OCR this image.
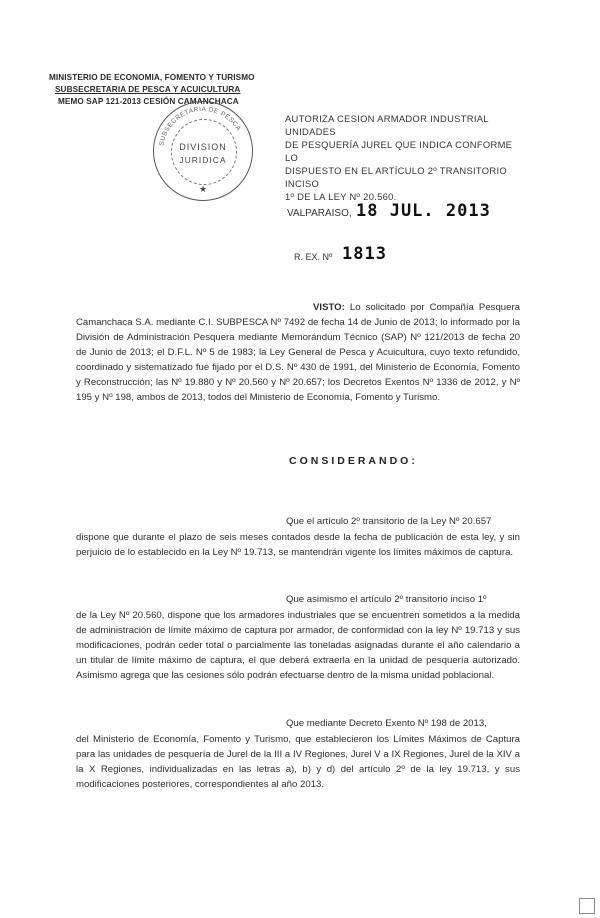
MINISTERIO DE ECONOMIA, FOMENTO Y TURISMO
SUBSECRETARIA DE PESCA Y ACUICULTURA
MEMO SAP 121-2013 CESIÓN CAMANCHACA
SUBSECRETARIA DE PESCA
DIVISION
JURIDICA
★
AUTORIZA CESION ARMADOR INDUSTRIAL UNIDADES
DE PESQUERÍA JUREL QUE INDICA CONFORME LO
DISPUESTO EN EL ARTÍCULO 2º TRANSITORIO INCISO
1º DE LA LEY Nº 20.560.
VALPARAISO, 18 JUL. 2013
R. EX. Nº 1813
VISTO: Lo solicitado por Compañía Pesquera Camanchaca S.A. mediante C.I. SUBPESCA Nº 7492 de fecha 14 de Junio de 2013; lo informado por la División de Administración Pesquera mediante Memorándum Técnico (SAP) Nº 121/2013 de fecha 20 de Junio de 2013; el D.F.L. Nº 5 de 1983; la Ley General de Pesca y Acuicultura, cuyo texto refundido, coordinado y sistematizado fue fijado por el D.S. Nº 430 de 1991, del Ministerio de Economía, Fomento y Reconstrucción; las Nº 19.880 y Nº 20.560 y Nº 20.657; los Decretos Exentos Nº 1336 de 2012, y Nº 195 y Nº 198, ambos de 2013, todos del Ministerio de Economía, Fomento y Turismo.
CONSIDERANDO:
Que el artículo 2º transitorio de la Ley Nº 20.657
dispone que durante el plazo de seis meses contados desde la fecha de publicación de esta ley, y sin perjuicio de lo establecido en la Ley Nº 19.713, se mantendrán vigente los límites máximos de captura.
Que asimismo el artículo 2º transitorio inciso 1º
de la Ley Nº 20.560, dispone que los armadores industriales que se encuentren sometidos a la medida de administración de límite máximo de captura por armador, de conformidad con la ley Nº 19.713 y sus modificaciones, podrán ceder total o parcialmente las toneladas asignadas durante el año calendario a un titular de límite máximo de captura, el que deberá extraerla en la unidad de pesquería autorizado. Asimismo agrega que las cesiones sólo podrán efectuarse dentro de la misma unidad poblacional.
Que mediante Decreto Exento Nº 198 de 2013,
del Ministerio de Economía, Fomento y Turismo, que establecieron los Límites Máximos de Captura para las unidades de pesquería de Jurel de la III a IV Regiones, Jurel V a IX Regiones, Jurel de la XIV a la X Regiones, individualizadas en las letras a), b) y d) del artículo 2º de la ley 19.713, y sus modificaciones posteriores, correspondientes al año 2013.
